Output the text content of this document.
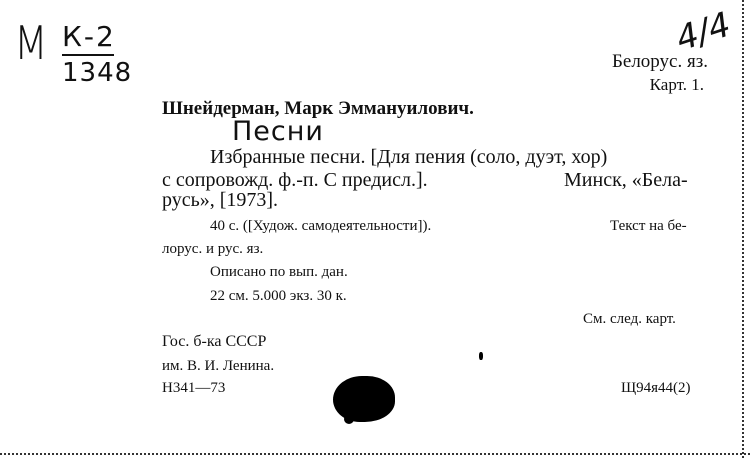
М К-2
1348
4/4
Песни
Белорус. яз.
Карт. 1.
Шнейдерман, Марк Эммануилович.
Избранные песни. [Для пения (соло, дуэт, хор)
с сопровожд. ф.-п. С предисл.].	Минск, «Белa-
русь», [1973].
40 с. ([Худож. самодеятельности]).	Текст на бе-
лорус. и рус. яз.
Описано по вып. дан.
22 см. 5.000 экз. 30 к.
См. след. карт.
Гос. б-ка СССР
им. В. И. Ленина.
Н341—73	Щ94я44(2)
